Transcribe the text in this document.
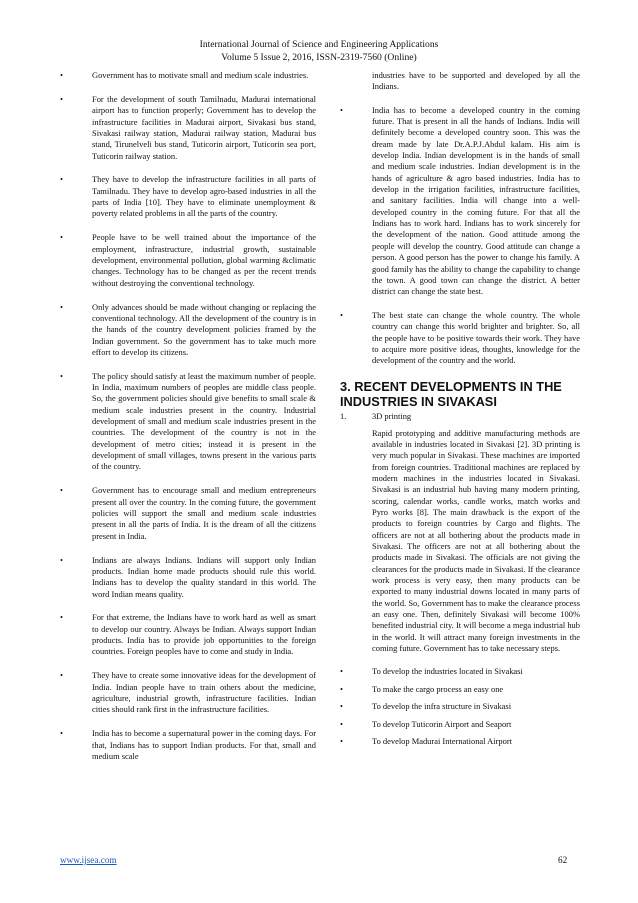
International Journal of Science and Engineering Applications
Volume 5 Issue 2, 2016, ISSN-2319-7560 (Online)
•	Government has to motivate small and medium scale industries.
•	For the development of south Tamilnadu, Madurai international airport has to function properly; Government has to develop the infrastructure facilities in Madurai airport, Sivakasi bus stand, Sivakasi railway station, Madurai railway station, Madurai bus stand, Tirunelveli bus stand, Tuticorin airport, Tuticorin sea port, Tuticorin railway station.
•	They have to develop the infrastructure facilities in all parts of Tamilnadu. They have to develop agro-based industries in all the parts of India [10]. They have to eliminate unemployment & poverty related problems in all the parts of the country.
•	People have to be well trained about the importance of the employment, infrastructure, industrial growth, sustainable development, environmental pollution, global warming &climatic changes. Technology has to be changed as per the recent trends without destroying the conventional technology.
•	Only advances should be made without changing or replacing the conventional technology. All the development of the country is in the hands of the country development policies framed by the Indian government. So the government has to take much more effort to develop its citizens.
•	The policy should satisfy at least the maximum number of people. In India, maximum numbers of peoples are middle class people. So, the government policies should give benefits to small scale & medium scale industries present in the country. Industrial development of small and medium scale industries present in the countries. The development of the country is not in the development of metro cities; instead it is present in the development of small villages, towns present in the various parts of the country.
•	Government has to encourage small and medium entrepreneurs present all over the country. In the coming future, the government policies will support the small and medium scale industries present in all the parts of India. It is the dream of all the citizens present in India.
•	Indians are always Indians. Indians will support only Indian products. Indian home made products should rule this world. Indians has to develop the quality standard in this world. The word Indian means quality.
•	For that extreme, the Indians have to work hard as well as smart to develop our country. Always be Indian. Always support Indian products. India has to provide job opportunities to the foreign countries. Foreign peoples have to come and study in India.
•	They have to create some innovative ideas for the development of India. Indian people have to train others about the medicine, agriculture, industrial growth, infrastructure facilities. Indian cities should rank first in the infrastructure facilities.
•	India has to become a supernatural power in the coming days. For that, Indians has to support Indian products. For that, small and medium scale
industries have to be supported and developed by all the Indians.
•	India has to become a developed country in the coming future. That is present in all the hands of Indians. India will definitely become a developed country soon. This was the dream made by late Dr.A.P.J.Abdul kalam. His aim is develop India. Indian development is in the hands of small and medium scale industries. Indian development is in the hands of agriculture & agro based industries. India has to develop in the irrigation facilities, infrastructure facilities, and sanitary facilities. India will change into a well-developed country in the coming future. For that all the Indians has to work hard. Indians has to work sincerely for the development of the nation. Good attitude among the people will develop the country. Good attitude can change a person. A good person has the power to change his family. A good family has the ability to change the capability to change the town. A good town can change the district. A better district can change the state best.
•	The best state can change the whole country. The whole country can change this world brighter and brighter. So, all the people have to be positive towards their work. They have to acquire more positive ideas, thoughts, knowledge for the development of the country and the world.
3. RECENT DEVELOPMENTS IN THE
INDUSTRIES IN SIVAKASI
1.	3D printing
Rapid prototyping and additive manufacturing methods are available in industries located in Sivakasi [2]. 3D printing is very much popular in Sivakasi. These machines are imported from foreign countries. Traditional machines are replaced by modern machines in the industries located in Sivakasi. Sivakasi is an industrial hub having many modern printing, scoring, calendar works, candle works, match works and Pyro works [8]. The main drawback is the export of the products to foreign countries by Cargo and flights. The officers are not at all bothering about the products made in Sivakasi. The officers are not at all bothering about the products made in Sivakasi. The officials are not giving the clearances for the products made in Sivakasi. If the clearance work process is very easy, then many products can be exported to many industrial downs located in many parts of the world. So, Government has to make the clearance process an easy one. Then, definitely Sivakasi will become 100% benefited industrial city. It will become a mega industrial hub in the world. It will attract many foreign investments in the coming future. Government has to take necessary steps.
•	To develop the industries located in Sivakasi
•	To make the cargo process an easy one
•	To develop the infra structure in Sivakasi
•	To develop Tuticorin Airport and Seaport
•	To develop Madurai International Airport
www.ijsea.com	62
